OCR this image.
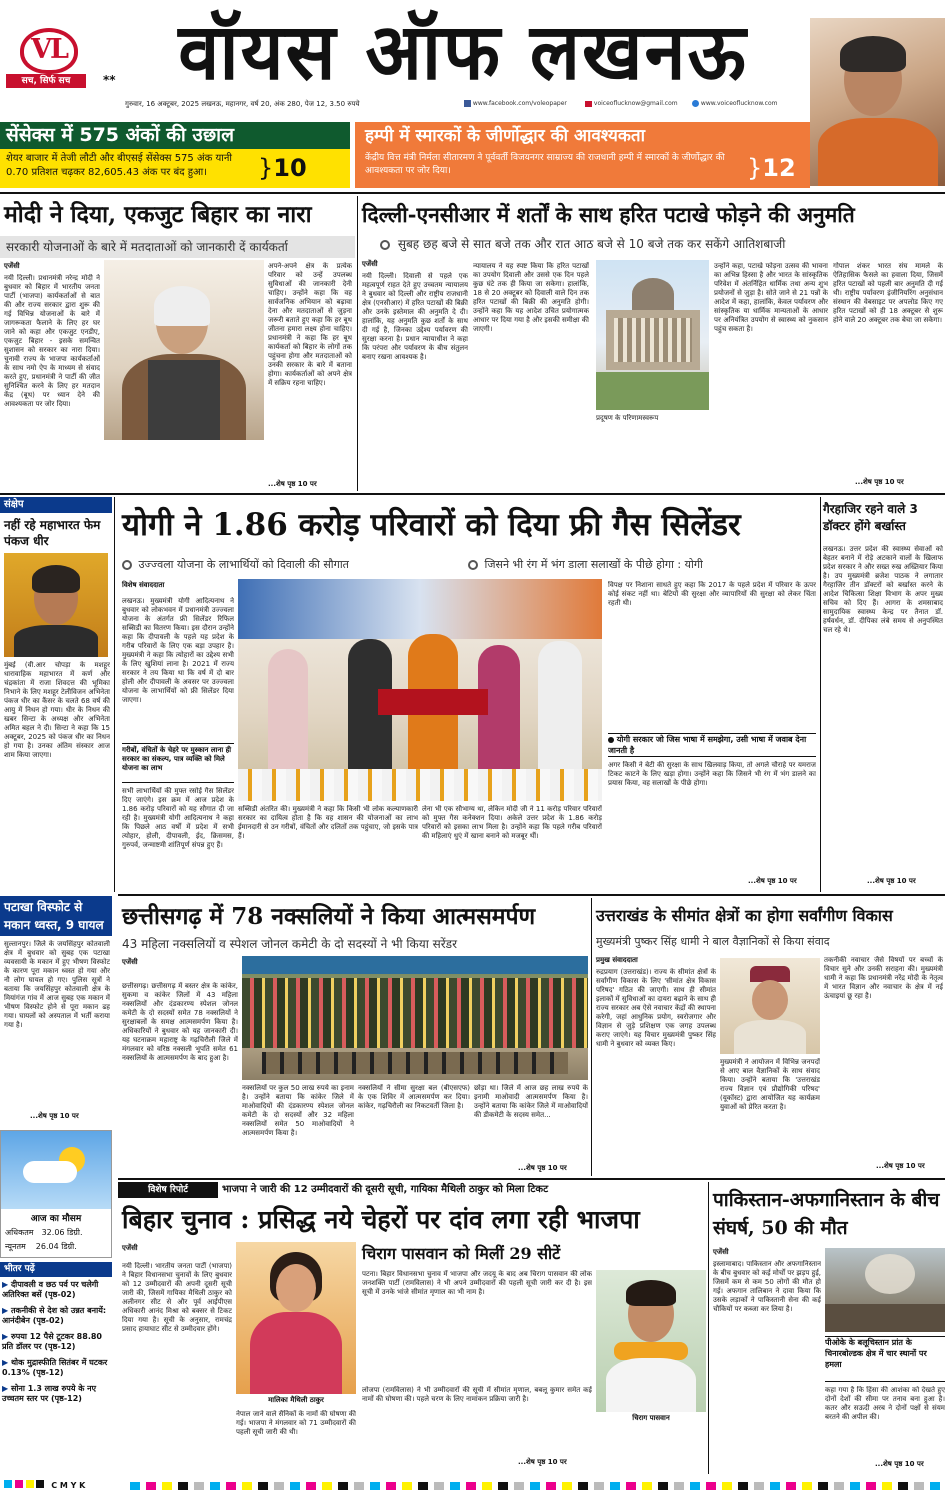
VL
सच, सिर्फ सच	** वॉयस ऑफ लखनऊ
गुरुवार, 16 अक्टूबर, 2025 लखनऊ, महानगर, वर्ष 20, अंक 280, पेज 12, 3.50 रुपये	www.facebook.com/voleopaper	voiceoflucknow@gmail.com	www.voiceoflucknow.com
सेंसेक्स में 575 अंकों की उछाल
शेयर बाजार में तेजी लौटी और बीएसई सेंसेक्स 575 अंक यानी 0.70 प्रतिशत चढ़कर 82,605.43 अंक पर बंद हुआ।	}10
हम्पी में स्मारकों के जीर्णोद्धार की आवश्यकता
केंद्रीय वित्त मंत्री निर्मला सीतारमण ने पूर्ववर्ती विजयनगर साम्राज्य की राजधानी हम्पी में स्मारकों के जीर्णोद्धार की आवश्यकता पर जोर दिया।	}12
मोदी ने दिया, एकजुट बिहार का नारा
सरकारी योजनाओं के बारे में मतदाताओं को जानकारी दें कार्यकर्ता
एजेंसी
नयी दिल्ली। प्रधानमंत्री नरेन्द्र मोदी ने बुधवार को बिहार में भारतीय जनता पार्टी (भाजपा) कार्यकर्ताओं से बात की और राज्य सरकार द्वारा शुरू की गई विभिन्न योजनाओं के बारे में जागरूकता फैलाने के लिए हर घर जाने को कहा और एकजुट एनडीए, एकजुट बिहार - इसके समन्वित सुशासन को सरकार का नारा दिया। चुनावी राज्य के भाजपा कार्यकर्ताओं के साथ नमो ऐप के माध्यम से संवाद करते हुए, प्रधानमंत्री ने पार्टी की जीत सुनिश्चित करने के लिए हर मतदान केंद्र (बूथ) पर ध्यान देने की आवश्यकता पर जोर दिया।
अपने-अपने क्षेत्र के प्रत्येक परिवार को उन्हें उपलब्ध सुविधाओं की जानकारी देनी चाहिए। उन्होंने कहा कि वह सार्वजनिक अभियान को बढ़ावा देना और मतदाताओं से जुड़ना जरूरी बताते हुए कहा कि हर बूथ जीतना हमारा लक्ष्य होना चाहिए। प्रधानमंत्री ने कहा कि हर बूथ कार्यकर्ता को बिहार के लोगों तक पहुंचना होगा और मतदाताओं को उनकी सरकार के बारे में बताना होगा। कार्यकर्ताओं को अपने क्षेत्र में सक्रिय रहना चाहिए।
...शेष पृष्ठ 10 पर
दिल्ली-एनसीआर में शर्तों के साथ हरित पटाखे फोड़ने की अनुमति
सुबह छह बजे से सात बजे तक और रात आठ बजे से 10 बजे तक कर सकेंगे आतिशबाजी
एजेंसी
नयी दिल्ली। दिवाली से पहले एक महत्वपूर्ण राहत देते हुए उच्चतम न्यायालय ने बुधवार को दिल्ली और राष्ट्रीय राजधानी क्षेत्र (एनसीआर) में हरित पटाखों की बिक्री और उनके इस्तेमाल की अनुमति दे दी। हालांकि, यह अनुमति कुछ शर्तों के साथ दी गई है, जिनका उद्देश्य पर्यावरण की सुरक्षा करना है। प्रधान न्यायाधीश ने कहा कि परंपरा और पर्यावरण के बीच संतुलन बनाए रखना आवश्यक है।
न्यायालय ने यह स्पष्ट किया कि हरित पटाखों का उपयोग दिवाली और उससे एक दिन पहले कुछ घंटे तक ही किया जा सकेगा। हालांकि, 18 से 20 अक्टूबर को दिवाली वाले दिन तक हरित पटाखों की बिक्री की अनुमति होगी। उन्होंने कहा कि यह आदेश उचित प्रयोगात्मक आधार पर दिया गया है और इसकी समीक्षा की जाएगी।
प्रदूषण के परिणामस्वरूप
उन्होंने कहा, पटाखे फोड़ना उत्सव की भावना का अभिन्न हिस्सा है और भारत के सांस्कृतिक परिवेश में अंतर्निहित धार्मिक तथा अन्य शुभ प्रयोजनों से जुड़ा है। सोते जाने से 21 पन्नों के आदेश में कहा, हालांकि, केवल पर्यावरण और सांस्कृतिक या धार्मिक मान्यताओं के आधार पर अनियंत्रित उपयोग से स्वास्थ्य को नुकसान पहुंच सकता है।
गोपाल शंकर भारत संघ मामले के ऐतिहासिक फैसले का हवाला दिया, जिसमें हरित पटाखों को पहली बार अनुमति दी गई थी। राष्ट्रीय पर्यावरण इंजीनियरिंग अनुसंधान संस्थान की वेबसाइट पर अपलोड किए गए हरित पटाखों को ही 18 अक्टूबर से शुरू होने वाले 20 अक्टूबर तक बेचा जा सकेगा।
...शेष पृष्ठ 10 पर
संक्षेप
नहीं रहे महाभारत फेम पंकज धीर
मुंबई (वी.आर चोपड़ा के मशहूर धारावाहिक महाभारत में कर्ण और चंद्रकांता में राजा शिवदत्त की भूमिका निभाने के लिए मशहूर टेलीविजन अभिनेता पंकज धीर का कैंसर के चलते 68 वर्ष की आयु में निधन हो गया। धीर के निधन की खबर सिन्टा के अध्यक्ष और अभिनेता अमित बहल ने दी। सिन्टा ने कहा कि 15 अक्टूबर, 2025 को पंकज धीर का निधन हो गया है। उनका अंतिम संस्कार आज शाम किया जाएगा।
पटाखा विस्फोट से मकान ध्वस्त, 9 घायल
सुल्तानपुर। जिले के जयसिंहपुर कोतवाली क्षेत्र में बुधवार को सुबह एक पटाखा व्यवसायी के मकान में हुए भीषण विस्फोट के कारण पूरा मकान ध्वस्त हो गया और नौ लोग घायल हो गए। पुलिस सूत्रों ने बताया कि जयसिंहपुर कोतवाली क्षेत्र के मियांगंज गांव में आज सुबह एक मकान में भीषण विस्फोट होने से पूरा मकान ढह गया। घायलों को अस्पताल में भर्ती कराया गया है।
...शेष पृष्ठ 10 पर
आज का मौसम
अधिकतम 32.06 डिग्री.
न्यूनतम 26.04 डिग्री.
भीतर पढ़ें
▶ दीपावली व छठ पर्व पर चलेगी अतिरिक्त बसें (पृष्ठ-02)
▶ तकनीकी से देश को उन्नत बनायें: आनंदीबेन (पृष्ठ-02)
▶ रुपया 12 पैसे टूटकर 88.80 प्रति डॉलर पर (पृष्ठ-12)
▶ थोक मुद्रास्फीति सितंबर में घटकर 0.13% (पृष्ठ-12)
▶ सोना 1.3 लाख रुपये के नए उच्चतम स्तर पर (पृष्ठ-12)
योगी ने 1.86 करोड़ परिवारों को दिया फ्री गैस सिलेंडर
उज्ज्वला योजना के लाभार्थियों को दिवाली की सौगात	जिसने भी रंग में भंग डाला सलाखों के पीछे होगा : योगी
विशेष संवाददाता
लखनऊ। मुख्यमंत्री योगी आदित्यनाथ ने बुधवार को लोकभवन में प्रधानमंत्री उज्ज्वला योजना के अंतर्गत फ्री सिलेंडर रिफिल सब्सिडी का वितरण किया। इस दौरान उन्होंने कहा कि दीपावली के पहले यह प्रदेश के गरीब परिवारों के लिए एक बड़ा उपहार है। मुख्यमंत्री ने कहा कि त्योहारों का उद्देश्य सभी के लिए खुशियां लाना है। 2021 में राज्य सरकार ने तय किया था कि वर्ष में दो बार होली और दीपावली के अवसर पर उज्ज्वला योजना के लाभार्थियों को फ्री सिलेंडर दिया जाएगा।
गरीबों, वंचितों के चेहरे पर मुस्कान लाना ही सरकार का संकल्प, पात्र व्यक्ति को मिले योजना का लाभ
सभी लाभार्थियों की मुफ्त रसोई गैस सिलेंडर दिए जाएंगे। इस क्रम में आज प्रदेश के 1.86 करोड़ परिवारों को यह सौगात दी जा रही है। मुख्यमंत्री योगी आदित्यनाथ ने कहा कि पिछले आठ वर्षों में प्रदेश में सभी त्योहार, होली, दीपावली, ईद, क्रिसमस, गुरुपर्व, जन्माष्टमी शांतिपूर्ण संपन्न हुए हैं।
सब्सिडी अंतरित की। मुख्यमंत्री ने कहा कि किसी भी लोक कल्याणकारी सरकार का दायित्व होता है कि वह शासन की योजनाओं का लाभ ईमानदारी से उन गरीबों, वंचितों और दलितों तक पहुंचाए, जो इसके पात्र हैं।
लेना भी एक सौभाग्य था, लेकिन मोदी जी ने 11 करोड़ परिवार परिवारों को मुफ्त गैस कनेक्शन दिया। अकेले उत्तर प्रदेश के 1.86 करोड़ परिवारों को इसका लाभ मिला है। उन्होंने कहा कि पहले गरीब परिवारों की महिलाएं धुएं में खाना बनाने को मजबूर थीं।
विपक्ष पर निशाना साधते हुए कहा कि 2017 के पहले प्रदेश में परिवार के ऊपर कोई संकट नहीं था। बेटियों की सुरक्षा और व्यापारियों की सुरक्षा को लेकर चिंता रहती थी।
योगी सरकार जो जिस भाषा में समझेगा, उसी भाषा में जवाब देना जानती है
अगर किसी ने बेटी की सुरक्षा के साथ खिलवाड़ किया, तो अगले चौराहे पर यमराज टिकट काटने के लिए खड़ा होगा। उन्होंने कहा कि जिसने भी रंग में भंग डालने का प्रयास किया, वह सलाखों के पीछे होगा।
...शेष पृष्ठ 10 पर
गैरहाजिर रहने वाले 3 डॉक्टर होंगे बर्खास्त
लखनऊ। उत्तर प्रदेश की स्वास्थ्य सेवाओं को बेहतर बनाने में रोड़े अटकाने वालों के खिलाफ प्रदेश सरकार ने और सख्त रुख अख्तियार किया है। उप मुख्यमंत्री ब्रजेश पाठक ने लगातार गैरहाजिर तीन डॉक्टरों को बर्खास्त करने के आदेश चिकित्सा शिक्षा विभाग के अपर मुख्य सचिव को दिए हैं। आगरा के शमसाबाद सामुदायिक स्वास्थ्य केन्द्र पर तैनात डॉ. हर्षवर्धन, डॉ. दीपिका लंबे समय से अनुपस्थित चल रहे थे।
...शेष पृष्ठ 10 पर
छत्तीसगढ़ में 78 नक्सलियों ने किया आत्मसमर्पण
43 महिला नक्सलियों व स्पेशल जोनल कमेटी के दो सदस्यों ने भी किया सरेंडर
एजेंसी
छत्तीसगढ़। छत्तीसगढ़ में बस्तर क्षेत्र के कांकेर, सुकमा व कांकेर जिलों में 43 महिला नक्सलियों और दंडकारण्य स्पेशल जोनल कमेटी के दो सदस्यों समेत 78 नक्सलियों ने सुरक्षाबलों के समक्ष आत्मसमर्पण किया है। अधिकारियों ने बुधवार को यह जानकारी दी। यह घटनाक्रम महाराष्ट्र के गढ़चिरौली जिले में मंगलवार को वरिष्ठ नक्सली भूपति समेत 61 नक्सलियों के आत्मसमर्पण के बाद हुआ है।
नक्सलियों पर कुल 50 लाख रुपये का इनाम है। उन्होंने बताया कि कांकेर जिले में माओवादियों की दंडकारण्य स्पेशल जोनल कमेटी के दो सदस्यों और 32 महिला नक्सलियों समेत 50 माओवादियों ने आत्मसमर्पण किया है।
नक्सलियों ने सीमा सुरक्षा बल (बीएसएफ) के एक शिविर में आत्मसमर्पण कर दिया। कांकेर, गढ़चिरौली का निकटवर्ती जिला है।
छोड़ा था। जिले में आज छह लाख रुपये के इनामी माओवादी आत्मसमर्पण किया है। उन्होंने बताया कि कांकेर जिले में माओवादियों की डीकमेटी के सदस्य समेत...
...शेष पृष्ठ 10 पर
उत्तराखंड के सीमांत क्षेत्रों का होगा सर्वांगीण विकास
मुख्यमंत्री पुष्कर सिंह धामी ने बाल वैज्ञानिकों से किया संवाद
प्रमुख संवाददाता
रुद्रप्रयाग (उत्तराखंड)। राज्य के सीमांत क्षेत्रों के सर्वांगीण विकास के लिए 'सीमांत क्षेत्र विकास परिषद' गठित की जाएगी। साथ ही सीमांत इलाकों में सुविधाओं का दायरा बढ़ाने के साथ ही राज्य सरकार अब ऐसे नवाचार केंद्रों की स्थापना करेगी, जहां आधुनिक प्रयोग, स्वरोजगार और विज्ञान से जुड़े प्रशिक्षण एक जगह उपलब्ध कराए जाएंगे। यह विचार मुख्यमंत्री पुष्कर सिंह धामी ने बुधवार को व्यक्त किए।
मुख्यमंत्री ने आयोजन में विभिन्न जनपदों से आए बाल वैज्ञानिकों के साथ संवाद किया। उन्होंने बताया कि 'उत्तराखंड राज्य विज्ञान एवं प्रौद्योगिकी परिषद' (यूकॉस्ट) द्वारा आयोजित यह कार्यक्रम युवाओं को प्रेरित करता है।
तकनीकी नवाचार जैसे विषयों पर बच्चों के विचार सुने और उनकी सराहना की। मुख्यमंत्री धामी ने कहा कि प्रधानमंत्री नरेंद्र मोदी के नेतृत्व में भारत विज्ञान और नवाचार के क्षेत्र में नई ऊंचाइयां छू रहा है।
...शेष पृष्ठ 10 पर
विशेष रिपोर्ट	भाजपा ने जारी की 12 उम्मीदवारों की दूसरी सूची, गायिका मैथिली ठाकुर को मिला टिकट
बिहार चुनाव : प्रसिद्ध नये चेहरों पर दांव लगा रही भाजपा
एजेंसी
नयी दिल्ली। भारतीय जनता पार्टी (भाजपा) ने बिहार विधानसभा चुनावों के लिए बुधवार को 12 उम्मीदवारों की अपनी दूसरी सूची जारी की, जिसमें गायिका मैथिली ठाकुर को अलीनगर सीट से और पूर्व आईपीएस अधिकारी आनंद मिश्रा को बक्सर से टिकट दिया गया है। सूची के अनुसार, रामचंद्र प्रसाद हायाघाट सीट से उम्मीदवार होंगे।
मालिका मैथिली ठाकुर
नेपाल जाने वाले सैनिकों के नामों की घोषणा की गई। भाजपा ने मंगलवार को 71 उम्मीदवारों की पहली सूची जारी की थी।
चिराग पासवान को मिलीं 29 सीटें
पटना। बिहार विधानसभा चुनाव में भाजपा और जदयू के बाद अब चिराग पासवान की लोक जनशक्ति पार्टी (रामविलास) ने भी अपने उम्मीदवारों की पहली सूची जारी कर दी है। इस सूची में उनके भांजे सीमांत मृणाल का भी नाम है।
चिराग पासवान
लोजपा (रामविलास) ने भी उम्मीदवारों की सूची में सीमांत मृणाल, बबलू कुमार समेत कई नामों की घोषणा की। पहले चरण के लिए नामांकन प्रक्रिया जारी है।
...शेष पृष्ठ 10 पर
पाकिस्तान-अफगानिस्तान के बीच संघर्ष, 50 की मौत
एजेंसी
इस्लामाबाद। पाकिस्तान और अफगानिस्तान के बीच बुधवार को कई मोर्चों पर झड़प हुई, जिसमें कम से कम 50 लोगों की मौत हो गई। अफगान तालिबान ने दावा किया कि उसके लड़ाकों ने पाकिस्तानी सेना की कई चौकियों पर कब्जा कर लिया है।
पीओके के बलूचिस्तान प्रांत के चिनारबोल्डक क्षेत्र में चार स्थानों पर हमला
कहा गया है कि हिंसा की आशंका को देखते हुए दोनों देशों की सीमा पर तनाव बना हुआ है। कतर और सऊदी अरब ने दोनों पक्षों से संयम बरतने की अपील की।
...शेष पृष्ठ 10 पर
C M Y K
